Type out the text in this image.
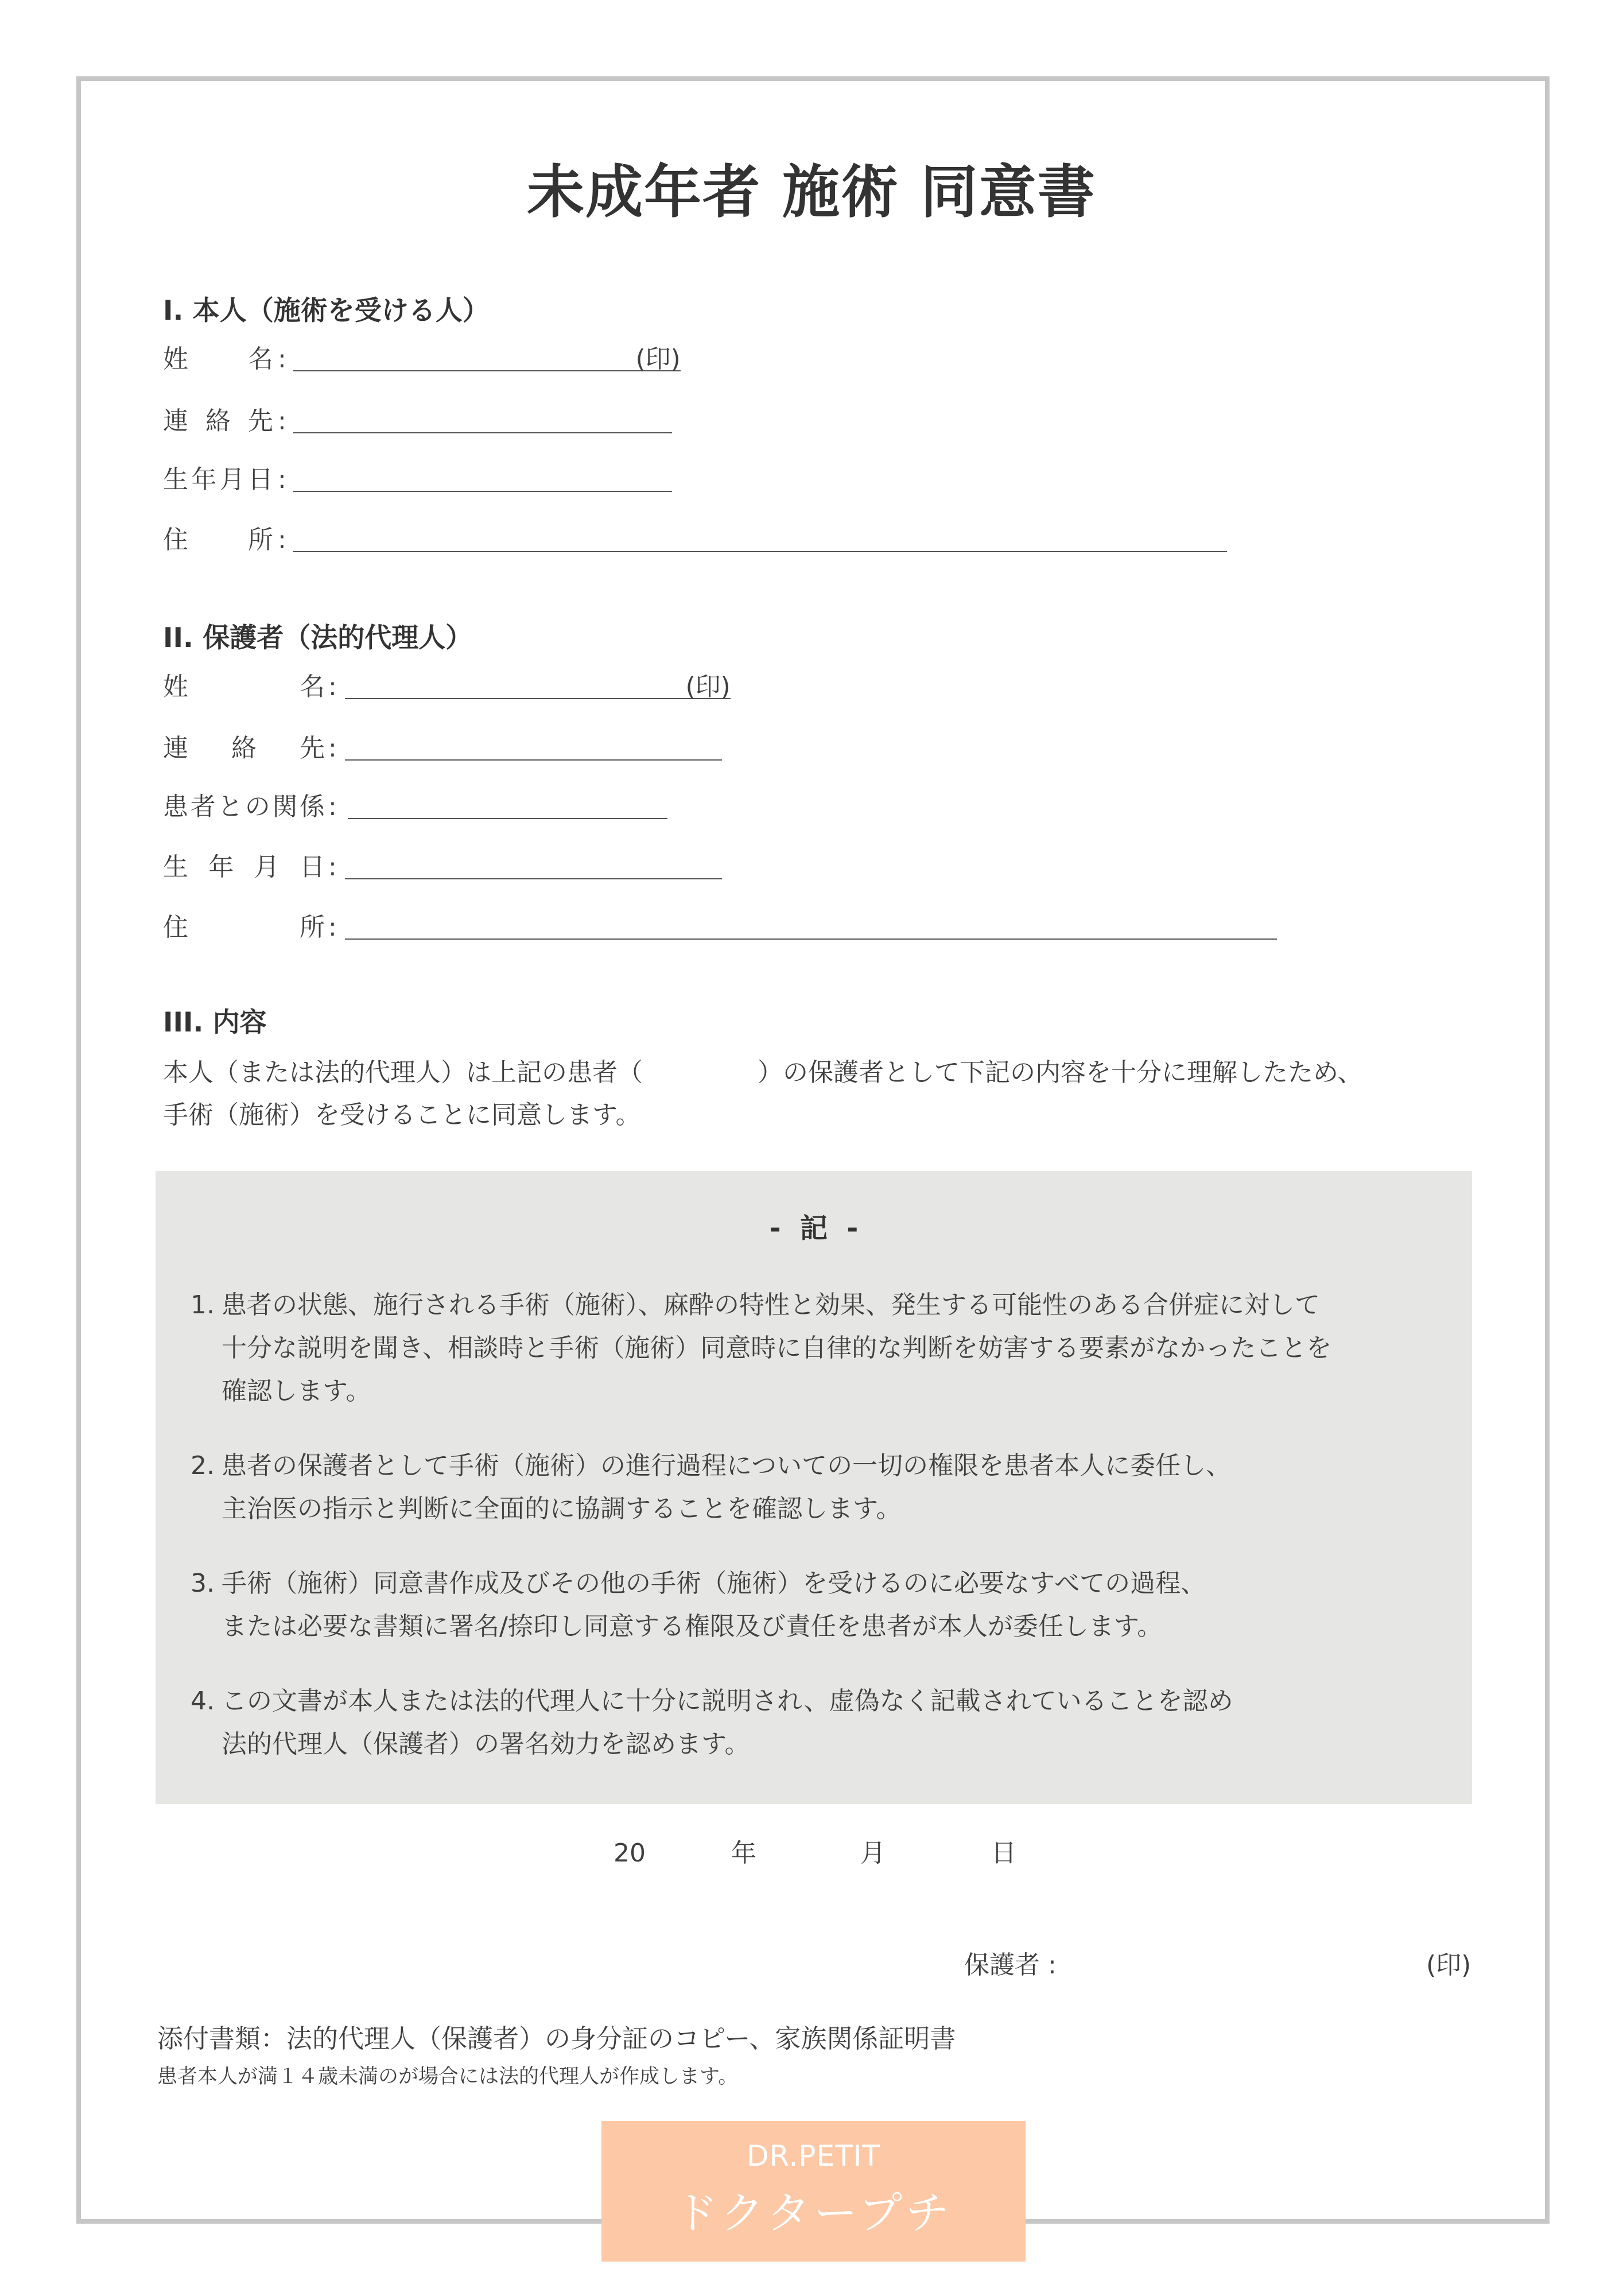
未成年者 施術 同意書
I. 本人（施術を受ける人）
姓 名 :	(印)
連 絡 先 :
生 年 月 日 :
住 所 :
II. 保護者（法的代理人）
姓	名 :	(印)
連 絡 先 :
患 者 と の 関 係 :
生 年 月 日 :
住	所 :
III. 内容
本人（または法的代理人）は上記の患者（	）の保護者として下記の内容を十分に理解したため、
手術（施術）を受けることに同意します。
-  記  -
1. 患者の状態、施行される手術（施術）、麻酔の特性と効果、発生する可能性のある合併症に対して
十分な説明を聞き、相談時と手術（施術）同意時に自律的な判断を妨害する要素がなかったことを
確認します。
2. 患者の保護者として手術（施術）の進行過程についての一切の権限を患者本人に委任し、
主治医の指示と判断に全面的に協調することを確認します。
3. 手術（施術）同意書作成及びその他の手術（施術）を受けるのに必要なすべての過程、
または必要な書類に署名/捺印し同意する権限及び責任を患者が本人が委任します。
4. この文書が本人または法的代理人に十分に説明され、虚偽なく記載されていることを認め
法的代理人（保護者）の署名効力を認めます。
20	年	月	日
保護者 :	(印)
添付書類：法的代理人（保護者）の身分証のコピー、家族関係証明書
患者本人が満１４歳未満のが場合には法的代理人が作成します。
DR.PETIT
ドクタープチ
